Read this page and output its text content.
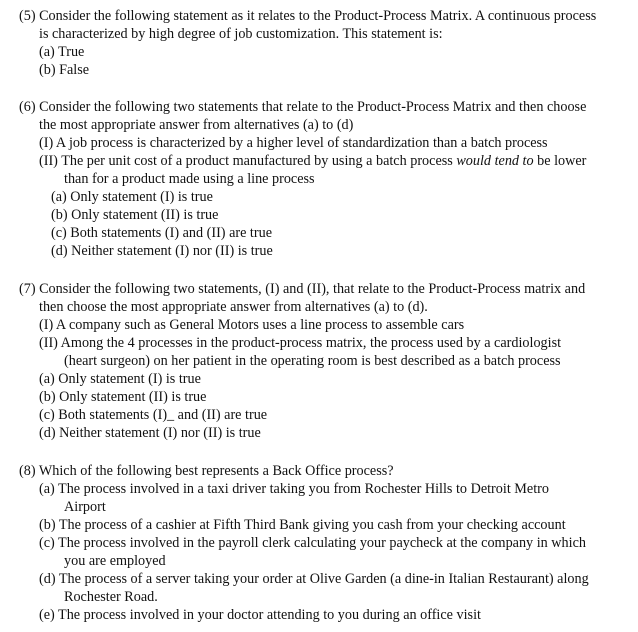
(5) Consider the following statement as it relates to the Product-Process Matrix. A continuous process
is characterized by high degree of job customization. This statement is:
(a) True
(b) False
(6) Consider the following two statements that relate to the Product-Process Matrix and then choose
the most appropriate answer from alternatives (a) to (d)
(I) A job process is characterized by a higher level of standardization than a batch process
(II) The per unit cost of a product manufactured by using a batch process would tend to be lower
than for a product made using a line process
(a) Only statement (I) is true
(b) Only statement (II) is true
(c) Both statements (I) and (II) are true
(d) Neither statement (I) nor (II) is true
(7) Consider the following two statements, (I) and (II), that relate to the Product-Process matrix and
then choose the most appropriate answer from alternatives (a) to (d).
(I) A company such as General Motors uses a line process to assemble cars
(II) Among the 4 processes in the product-process matrix, the process used by a cardiologist
(heart surgeon) on her patient in the operating room is best described as a batch process
(a) Only statement (I) is true
(b) Only statement (II) is true
(c) Both statements (I)_ and (II) are true
(d) Neither statement (I) nor (II) is true
(8) Which of the following best represents a Back Office process?
(a) The process involved in a taxi driver taking you from Rochester Hills to Detroit Metro
Airport
(b) The process of a cashier at Fifth Third Bank giving you cash from your checking account
(c) The process involved in the payroll clerk calculating your paycheck at the company in which
you are employed
(d) The process of a server taking your order at Olive Garden (a dine-in Italian Restaurant) along
Rochester Road.
(e) The process involved in your doctor attending to you during an office visit
